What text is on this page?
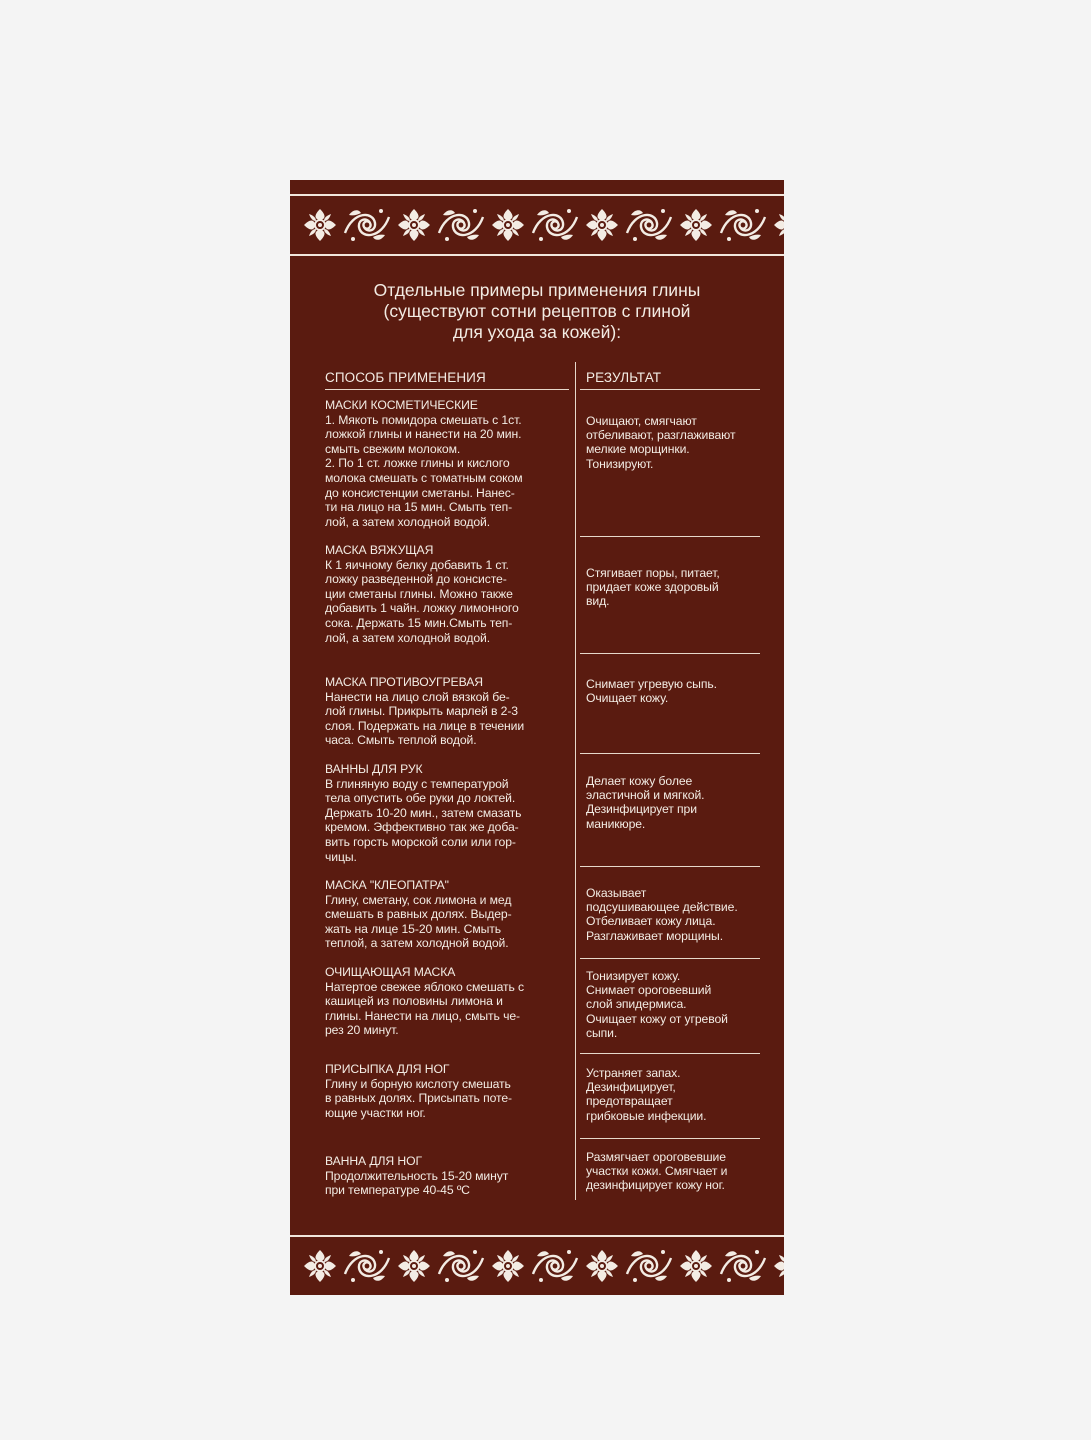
Отдельные примеры применения глины
(существуют сотни рецептов с глиной
для ухода за кожей):
СПОСОБ ПРИМЕНЕНИЯ	РЕЗУЛЬТАТ
МАСКИ КОСМЕТИЧЕСКИЕ
1. Мякоть помидора смешать с 1ст.
ложкой глины и нанести на 20 мин.
смыть свежим молоком.
2. По 1 ст. ложке глины и кислого
молока смешать с томатным соком
до консистенции сметаны. Нанес-
ти на лицо на 15 мин. Смыть теп-
лой, а затем холодной водой.
Очищают, смягчают
отбеливают, разглаживают
мелкие морщинки.
Тонизируют.
МАСКА ВЯЖУЩАЯ
К 1 яичному белку добавить 1 ст.
ложку разведенной до консисте-
ции сметаны глины. Можно также
добавить 1 чайн. ложку лимонного
сока. Держать 15 мин.Смыть теп-
лой, а затем холодной водой.
Стягивает поры, питает,
придает коже здоровый
вид.
МАСКА ПРОТИВОУГРЕВАЯ
Нанести на лицо слой вязкой бе-
лой глины. Прикрыть марлей в 2-3
слоя. Подержать на лице в течении
часа. Смыть теплой водой.
Снимает угревую сыпь.
Очищает кожу.
ВАННЫ ДЛЯ РУК
В глиняную воду с температурой
тела опустить обе руки до локтей.
Держать 10-20 мин., затем смазать
кремом. Эффективно так же доба-
вить горсть морской соли или гор-
чицы.
Делает кожу более
эластичной и мягкой.
Дезинфицирует при
маникюре.
МАСКА "КЛЕОПАТРА"
Глину, сметану, сок лимона и мед
смешать в равных долях. Выдер-
жать на лице 15-20 мин. Смыть
теплой, а затем холодной водой.
Оказывает
подсушивающее действие.
Отбеливает кожу лица.
Разглаживает морщины.
ОЧИЩАЮЩАЯ МАСКА
Натертое свежее яблоко смешать с
кашицей из половины лимона и
глины. Нанести на лицо, смыть че-
рез 20 минут.
Тонизирует кожу.
Снимает ороговевший
слой эпидермиса.
Очищает кожу от угревой
сыпи.
ПРИСЫПКА ДЛЯ НОГ
Глину и борную кислоту смешать
в равных долях. Присыпать поте-
ющие участки ног.
Устраняет запах.
Дезинфицирует,
предотвращает
грибковые инфекции.
ВАННА ДЛЯ НОГ
Продолжительность 15-20 минут
при температуре 40-45 ºС
Размягчает ороговевшие
участки кожи. Смягчает и
дезинфицирует кожу ног.
